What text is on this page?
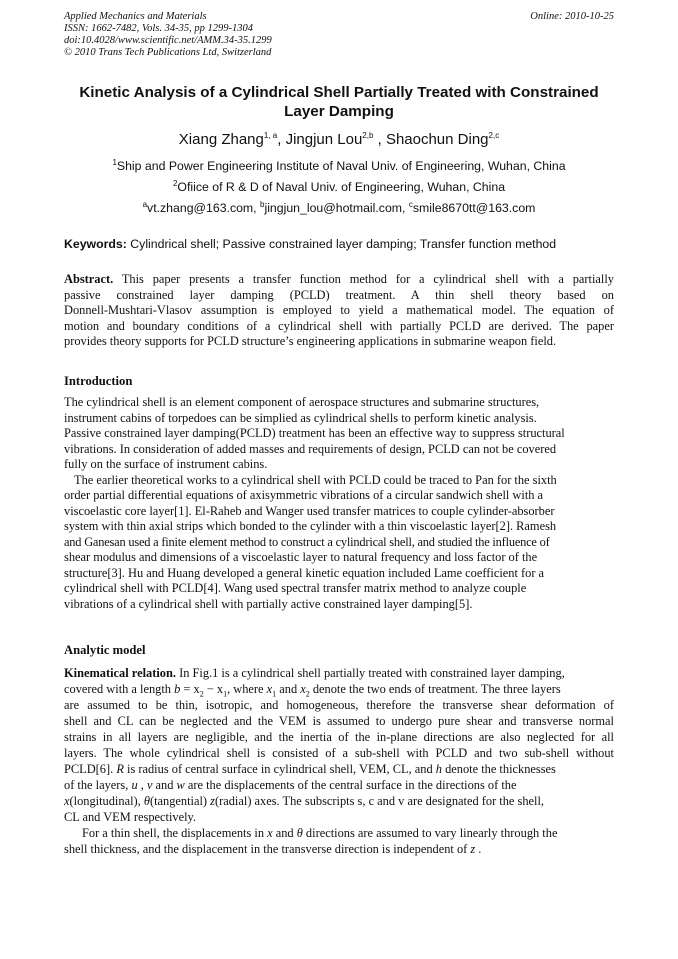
Applied Mechanics and Materials
ISSN: 1662-7482, Vols. 34-35, pp 1299-1304
doi:10.4028/www.scientific.net/AMM.34-35.1299
© 2010 Trans Tech Publications Ltd, Switzerland
Online: 2010-10-25
Kinetic Analysis of a Cylindrical Shell Partially Treated with Constrained
Layer Damping
Xiang Zhang$^{1, a}$, Jingjun Lou$^{2,b}$ , Shaochun Ding$^{2,c}$
$^1$Ship and Power Engineering Institute of Naval Univ. of Engineering, Wuhan, China
$^2$Ofiice of R & D of Naval Univ. of Engineering, Wuhan, China
$^a$vt.zhang@163.com, $^b$jingjun_lou@hotmail.com, $^c$smile8670tt@163.com
Keywords: Cylindrical shell; Passive constrained layer damping; Transfer function method
Abstract. This paper presents a transfer function method for a cylindrical shell with a partially
passive constrained layer damping (PCLD) treatment. A thin shell theory based on
Donnell-Mushtari-Vlasov assumption is employed to yield a mathematical model. The equation of
motion and boundary conditions of a cylindrical shell with partially PCLD are derived. The paper
provides theory supports for PCLD structure’s engineering applications in submarine weapon field.
Introduction
The cylindrical shell is an element component of aerospace structures and submarine structures,
instrument cabins of torpedoes can be simplied as cylindrical shells to perform kinetic analysis.
Passive constrained layer damping(PCLD) treatment has been an effective way to suppress structural
vibrations. In consideration of added masses and requirements of design, PCLD can not be covered
fully on the surface of instrument cabins.
The earlier theoretical works to a cylindrical shell with PCLD could be traced to Pan for the sixth
order partial differential equations of axisymmetric vibrations of a circular sandwich shell with a
viscoelastic core layer[1]. El-Raheb and Wanger used transfer matrices to couple cylinder-absorber
system with thin axial strips which bonded to the cylinder with a thin viscoelastic layer[2]. Ramesh
and Ganesan used a finite element method to construct a cylindrical shell, and studied the influence of
shear modulus and dimensions of a viscoelastic layer to natural frequency and loss factor of the
structure[3]. Hu and Huang developed a general kinetic equation included Lame coefficient for a
cylindrical shell with PCLD[4]. Wang used spectral transfer matrix method to analyze couple
vibrations of a cylindrical shell with partially active constrained layer damping[5].
Analytic model
Kinematical relation. In Fig.1 is a cylindrical shell partially treated with constrained layer damping,
covered with a length $b = x_2 - x_1$, where $x_1$ and $x_2$ denote the two ends of treatment. The three layers
are assumed to be thin, isotropic, and homogeneous, therefore the transverse shear deformation of
shell and CL can be neglected and the VEM is assumed to undergo pure shear and transverse normal
strains in all layers are negligible, and the inertia of the in-plane directions are also neglected for all
layers. The whole cylindrical shell is consisted of a sub-shell with PCLD and two sub-shell without
PCLD[6]. R is radius of central surface in cylindrical shell, VEM, CL, and h denote the thicknesses
of the layers, u , v and w are the displacements of the central surface in the directions of the
x(longitudinal), θ(tangential) z(radial) axes. The subscripts s, c and v are designated for the shell,
CL and VEM respectively.
For a thin shell, the displacements in x and θ directions are assumed to vary linearly through the
shell thickness, and the displacement in the transverse direction is independent of z .
